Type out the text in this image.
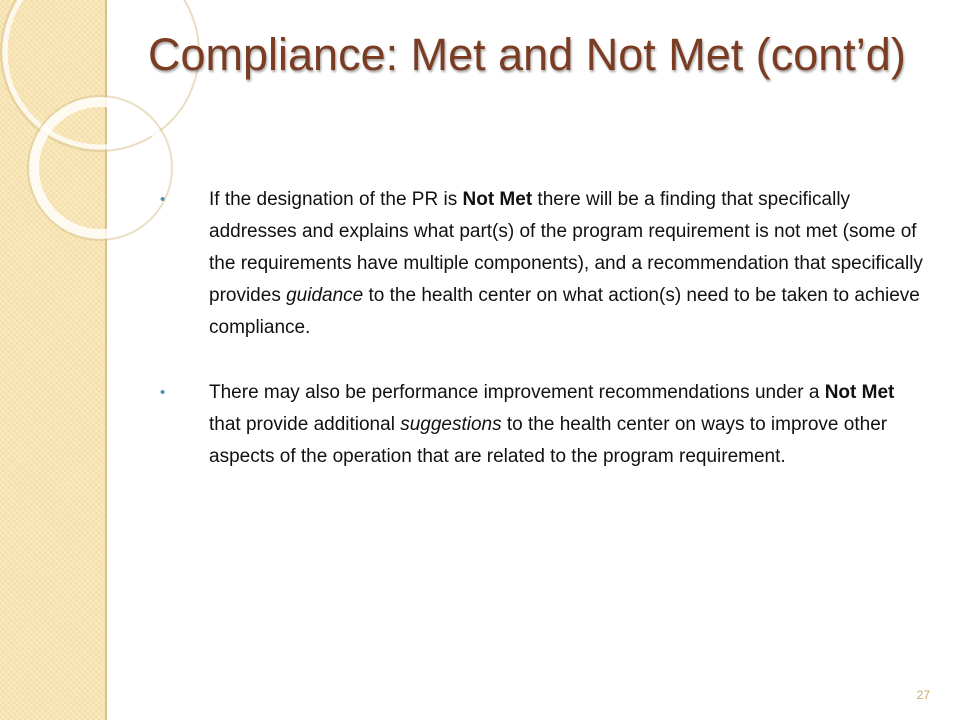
Compliance: Met and Not Met (cont’d)
• If the designation of the PR is Not Met there will be a finding that specifically addresses and explains what part(s) of the program requirement is not met (some of the requirements have multiple components), and a recommendation that specifically provides guidance to the health center on what action(s) need to be taken to achieve compliance.
• There may also be performance improvement recommendations under a Not Met that provide additional suggestions to the health center on ways to improve other aspects of the operation that are related to the program requirement.
27
